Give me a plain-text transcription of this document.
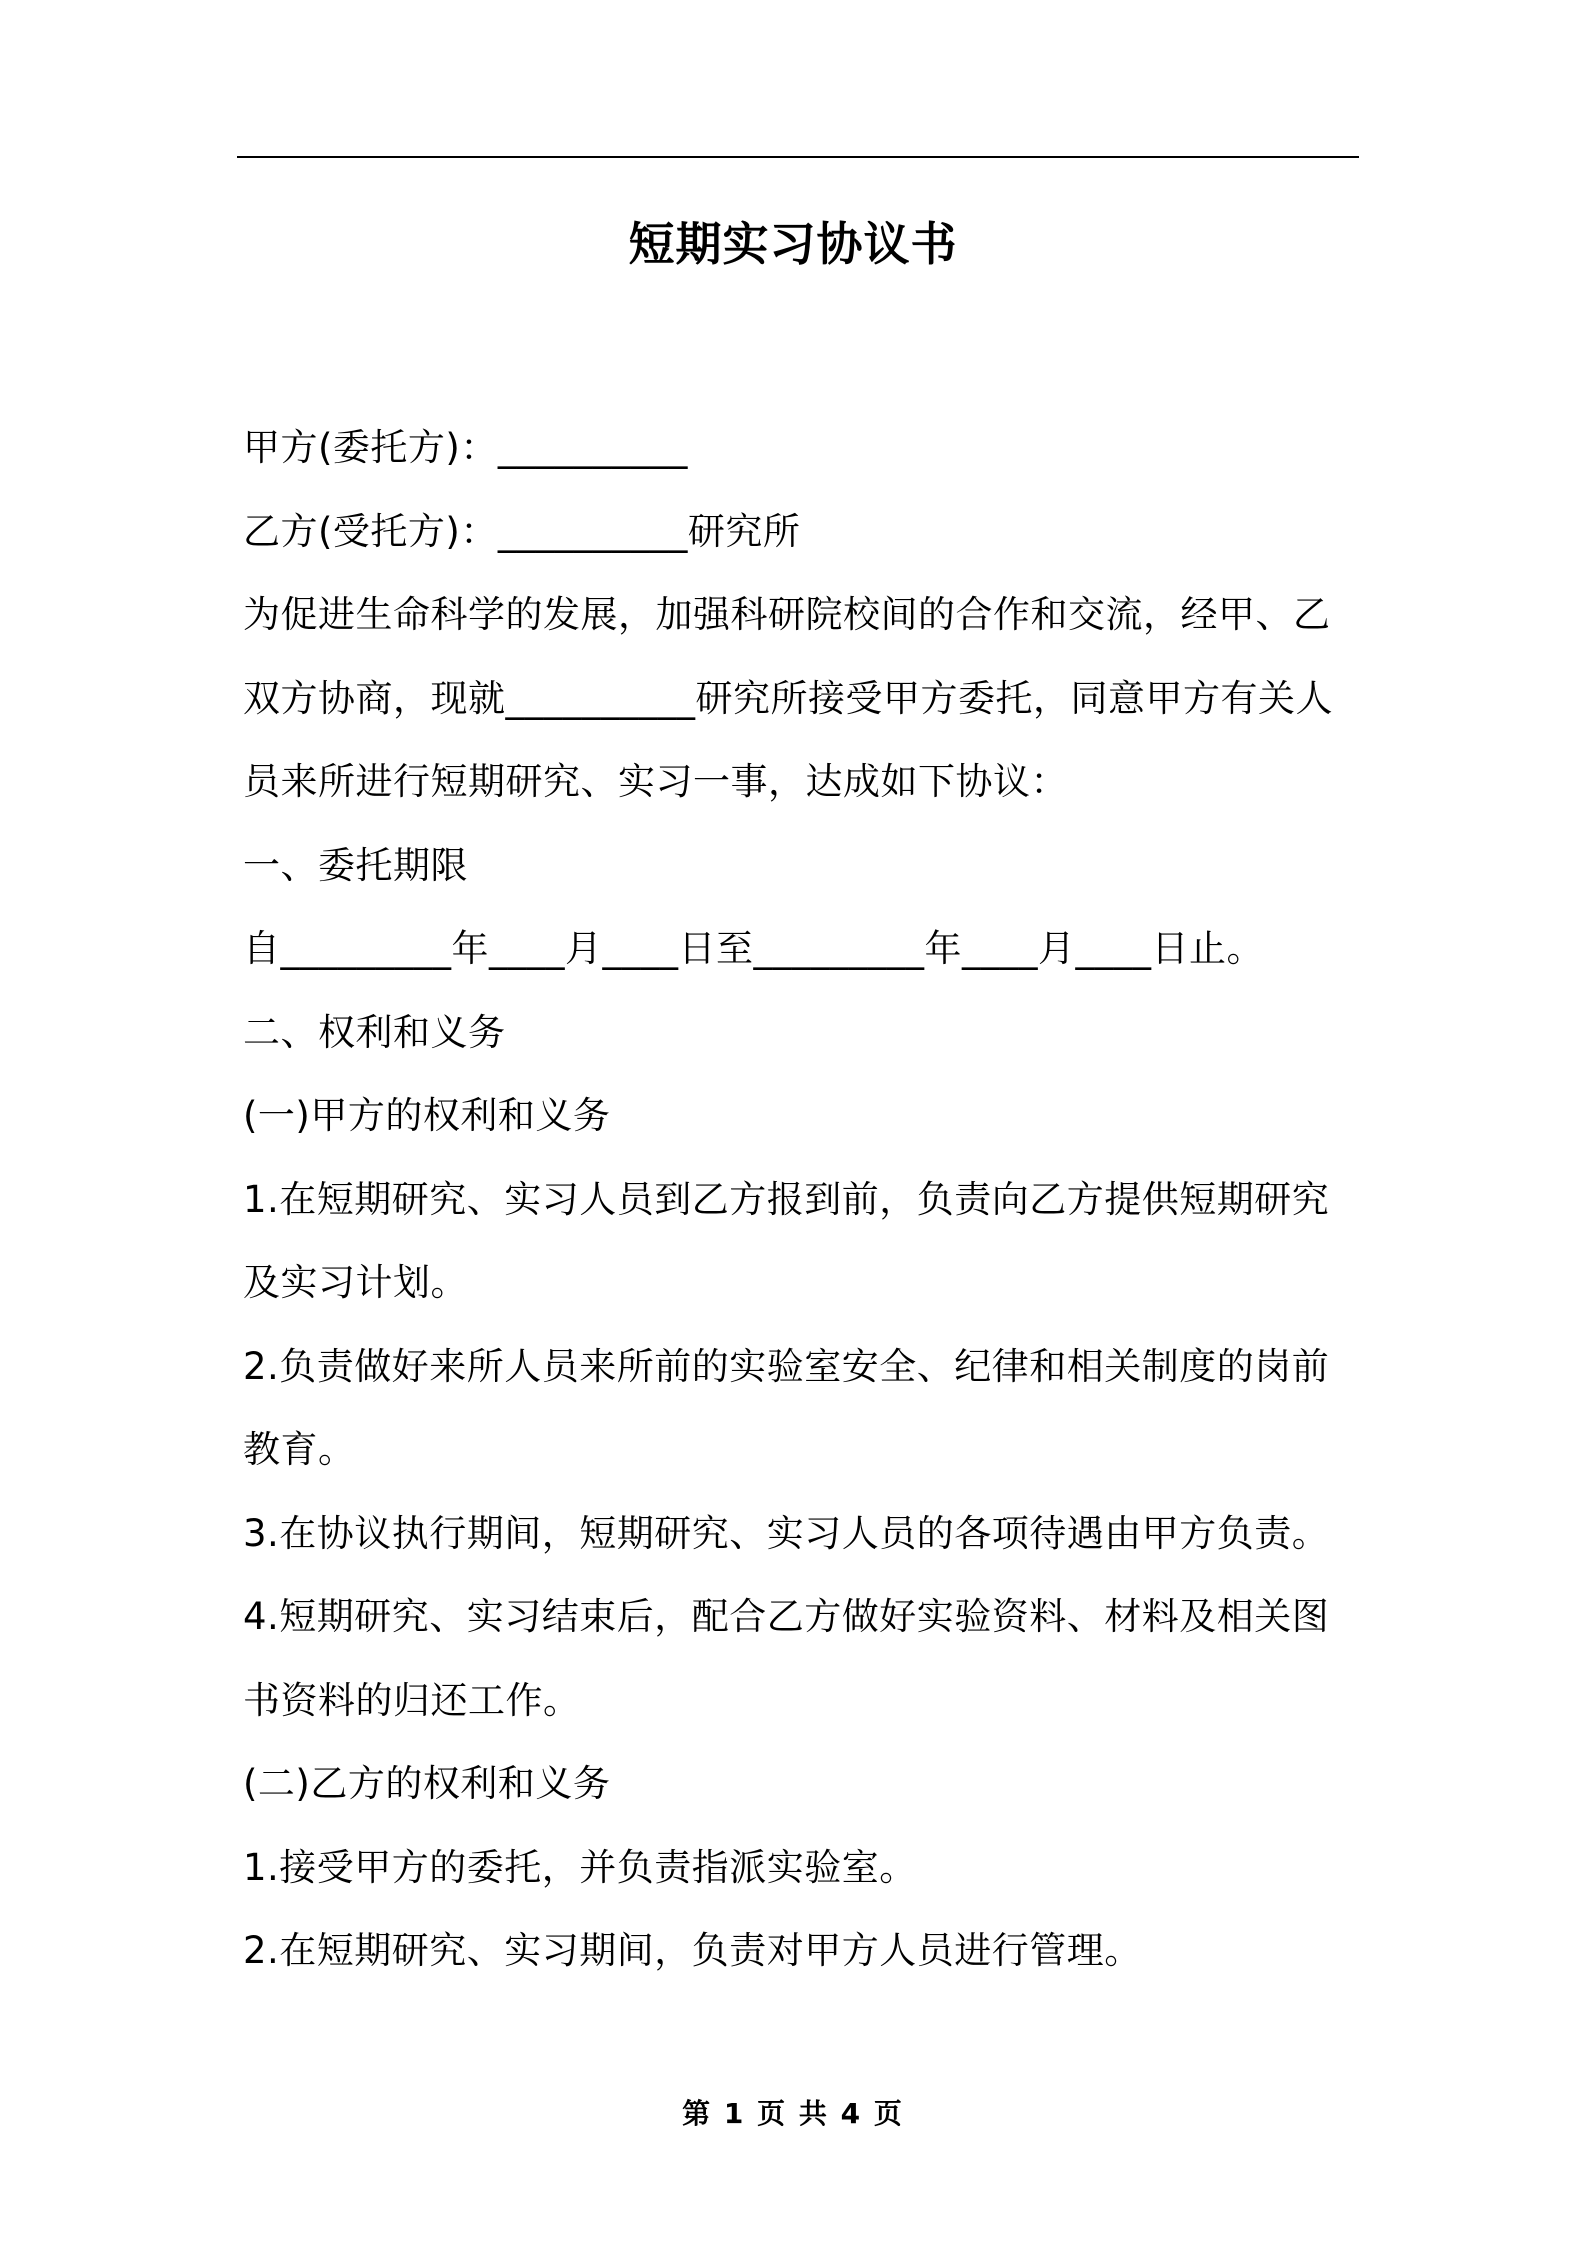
短期实习协议书

甲方(委托方)：__________

乙方(受托方)：__________研究所

为促进生命科学的发展，加强科研院校间的合作和交流，经甲、乙双方协商，现就__________研究所接受甲方委托，同意甲方有关人员来所进行短期研究、实习一事，达成如下协议：

一、委托期限

自_________年____月____日至_________年____月____日止。

二、权利和义务

(一)甲方的权利和义务

1.在短期研究、实习人员到乙方报到前，负责向乙方提供短期研究及实习计划。

2.负责做好来所人员来所前的实验室安全、纪律和相关制度的岗前教育。

3.在协议执行期间，短期研究、实习人员的各项待遇由甲方负责。

4.短期研究、实习结束后，配合乙方做好实验资料、材料及相关图书资料的归还工作。

(二)乙方的权利和义务

1.接受甲方的委托，并负责指派实验室。

2.在短期研究、实习期间，负责对甲方人员进行管理。

第 1 页 共 4 页
